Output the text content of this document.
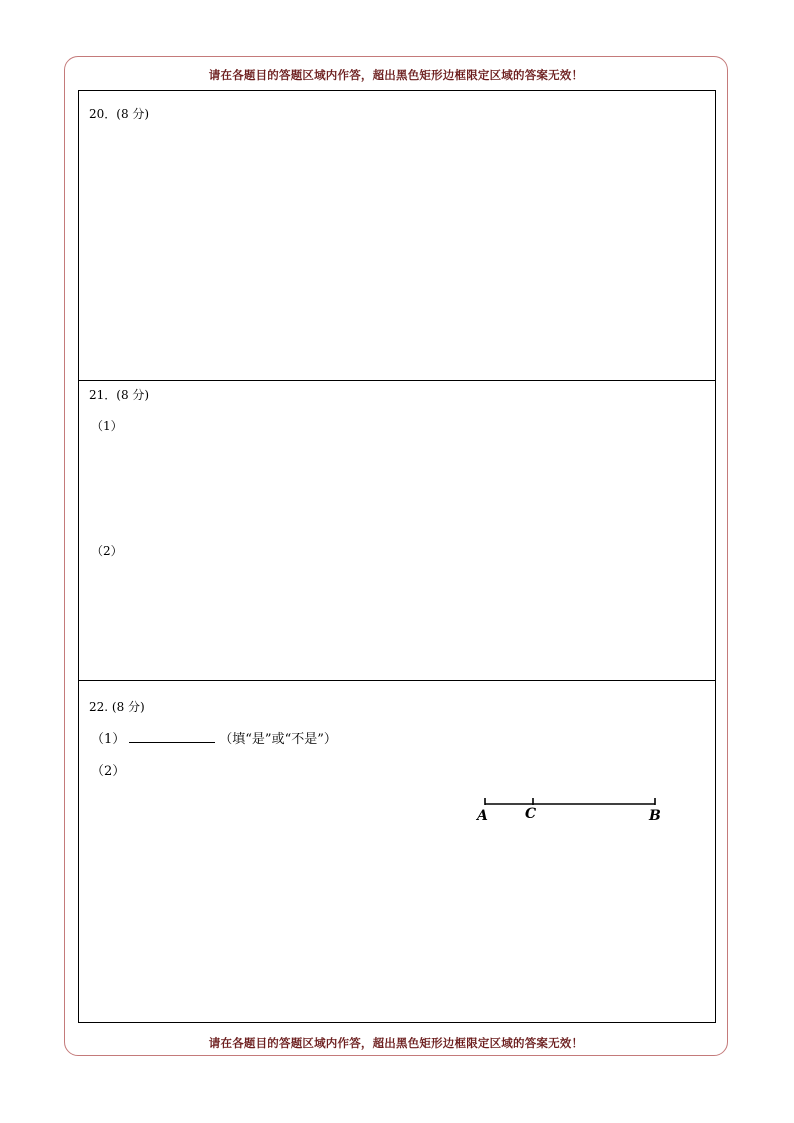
请在各题目的答题区域内作答，超出黑色矩形边框限定区域的答案无效！
请在各题目的答题区域内作答，超出黑色矩形边框限定区域的答案无效！
20．(8 分)
21．(8 分)
（1）
（2）
22. (8 分)
（1）	（填“是”或“不是”）
（2）
A	C	B
